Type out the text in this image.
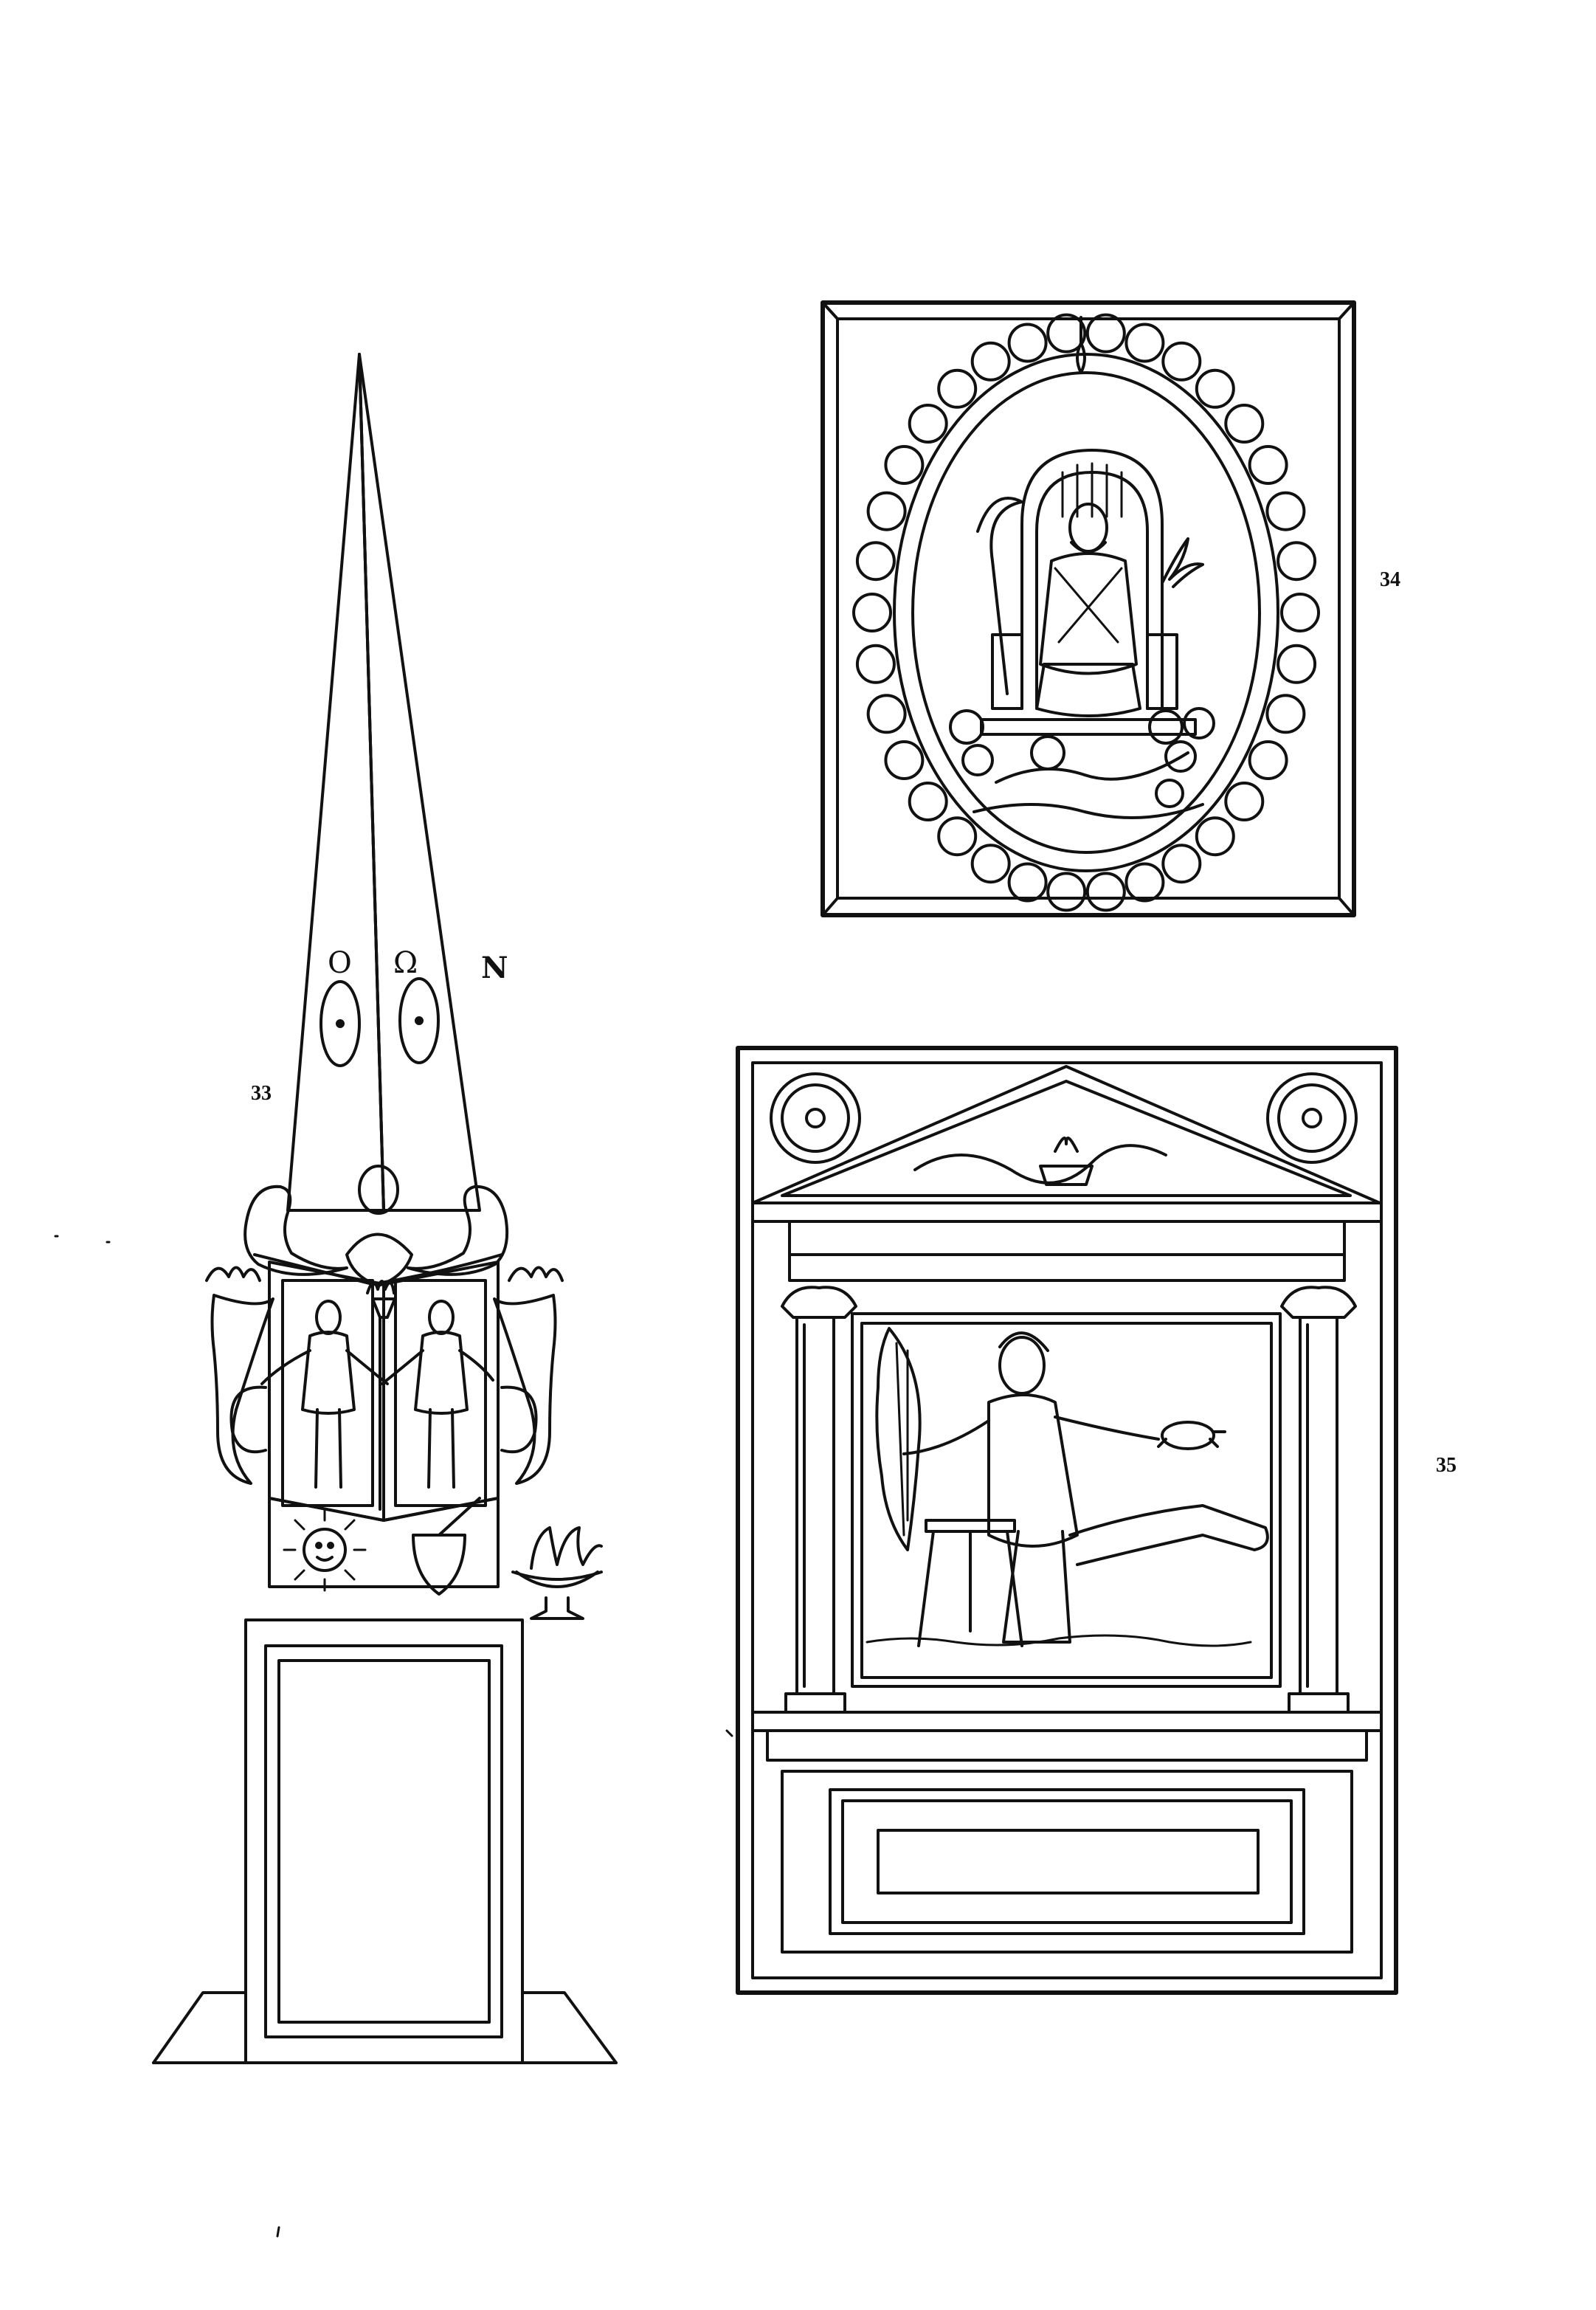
33
34
35
O Ω N
